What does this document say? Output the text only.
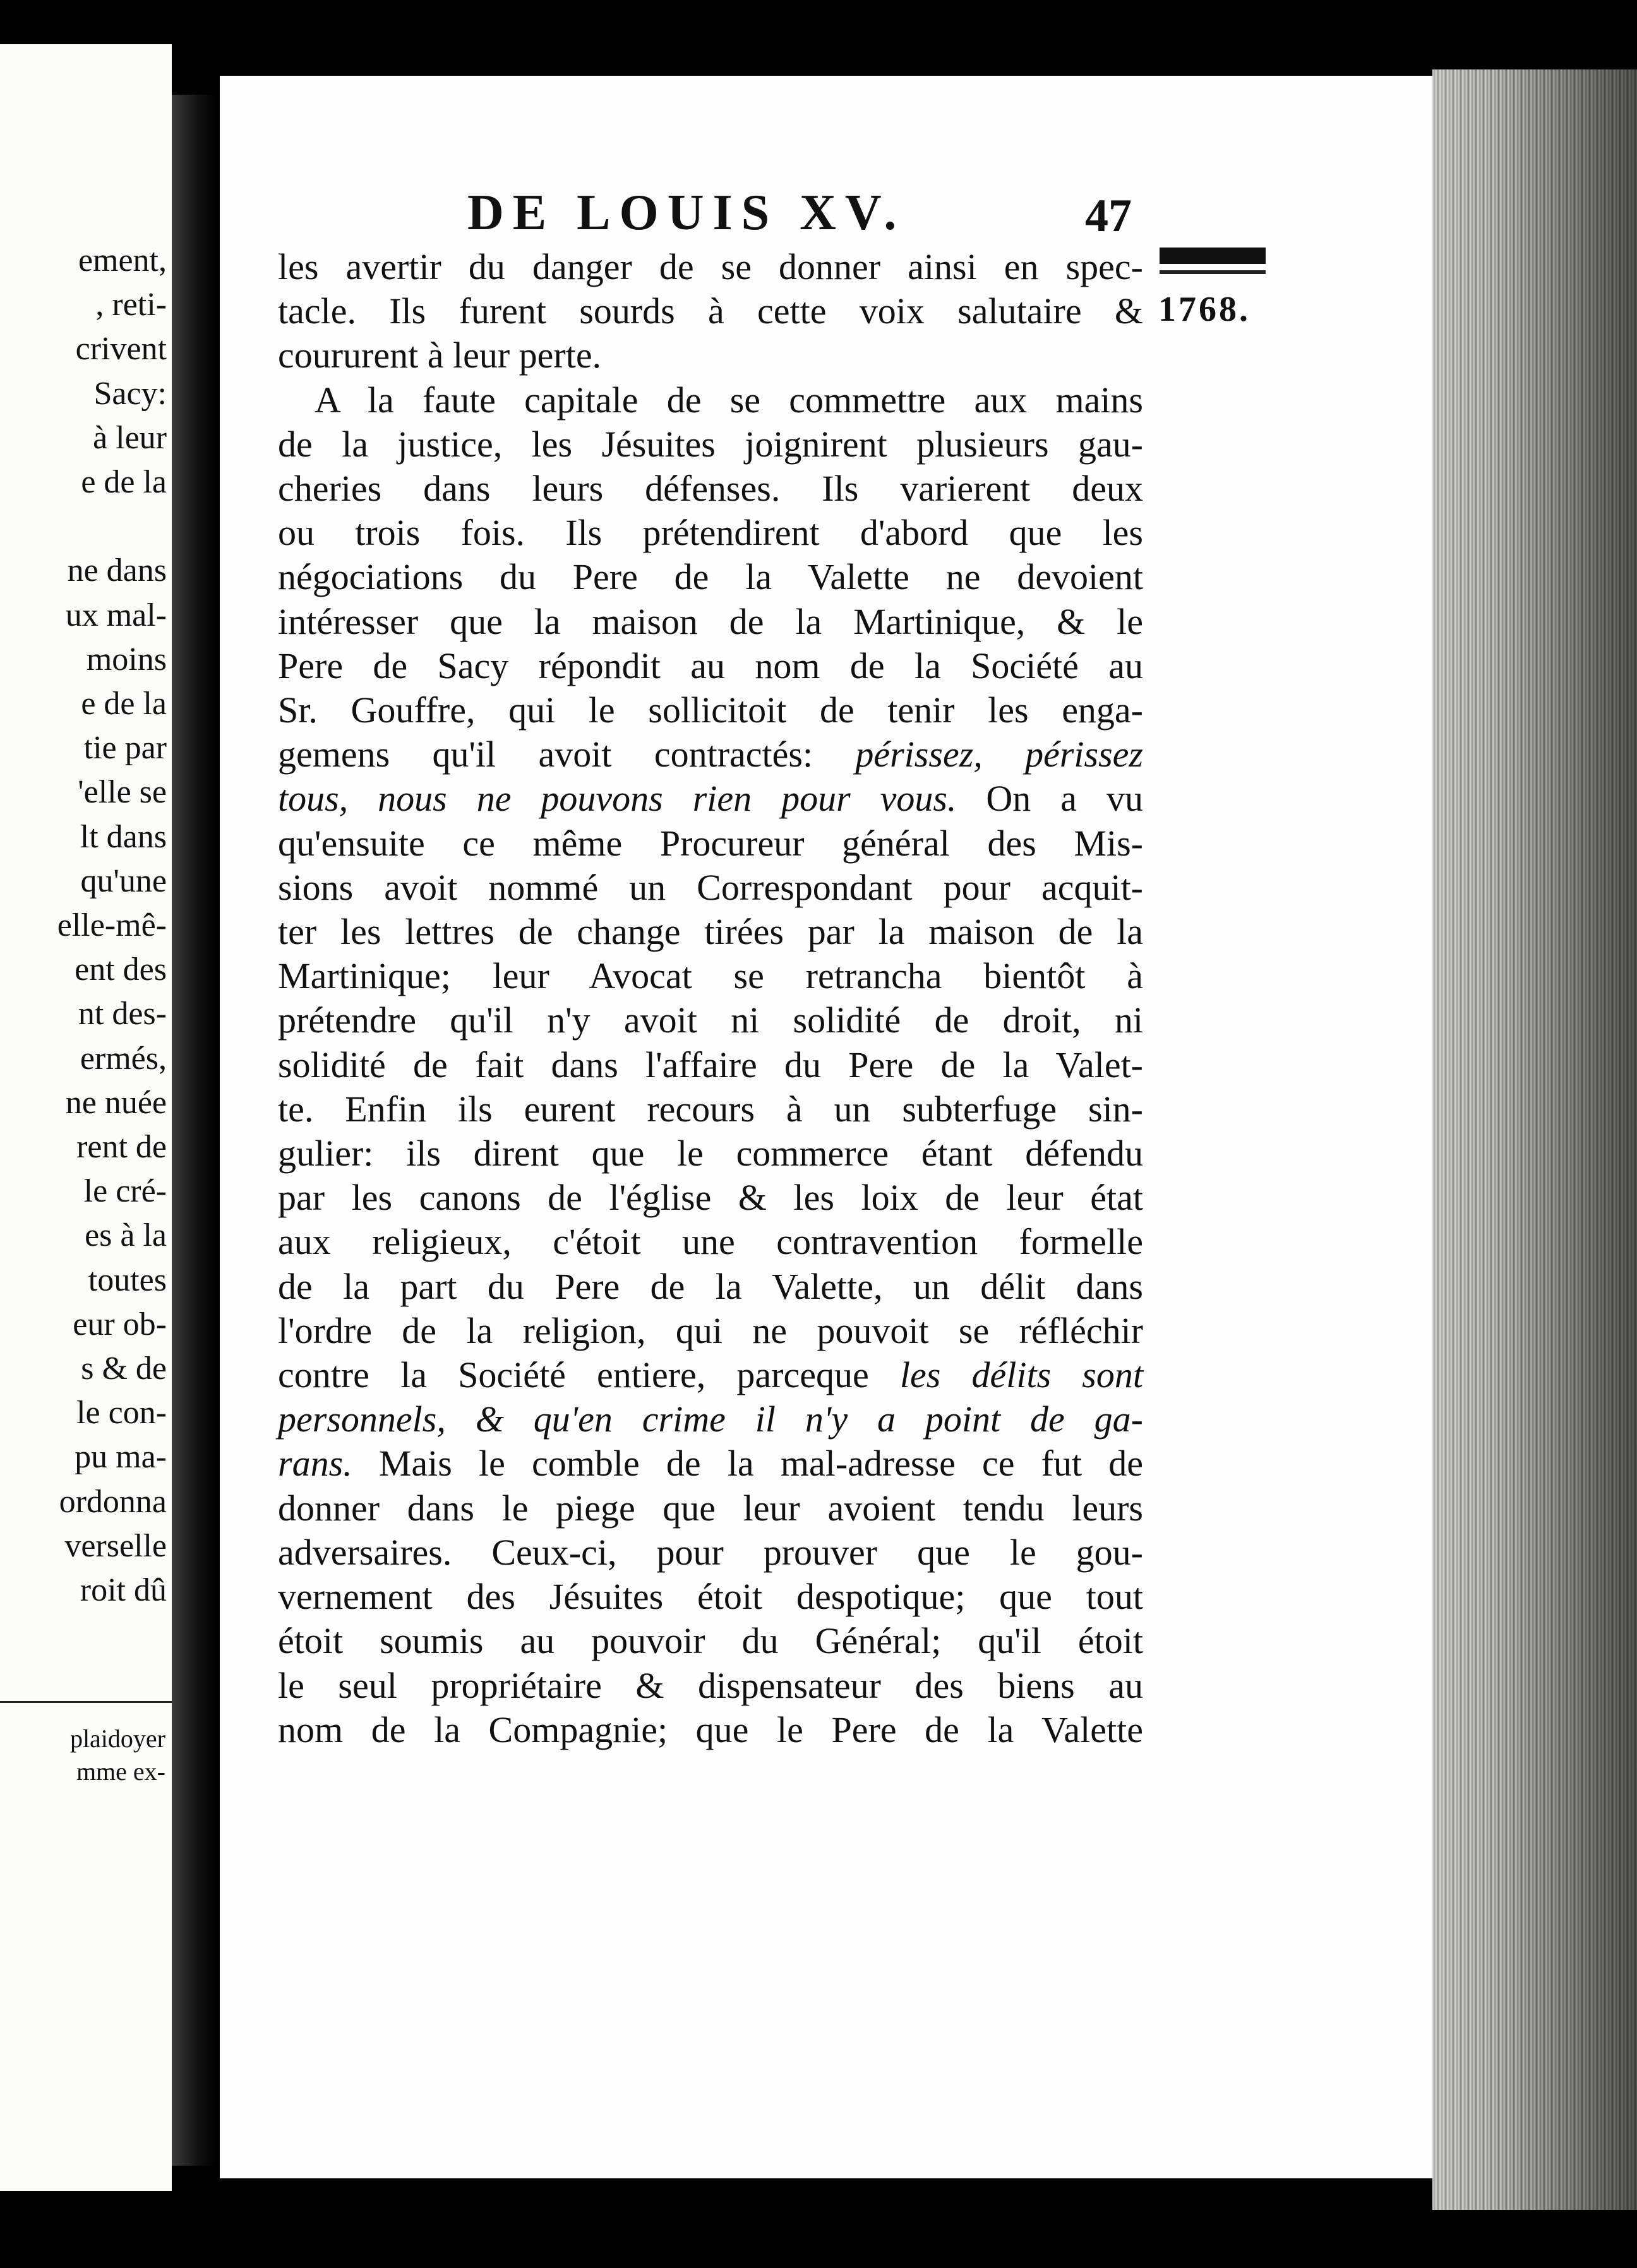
ement,
, reti-
crivent
Sacy:
à leur
e de la

ne dans
ux mal-
moins
e de la
tie par
'elle se
lt dans
qu'une
elle-mê-
ent des
nt des-
ermés,
ne nuée
rent de
le cré-
es à la
toutes
eur ob-
s & de
le con-
pu ma-
ordonna
verselle
roit dû
plaidoyer
mme ex-
DE LOUIS XV.	47
1768.
les avertir du danger de se donner ainsi en spec-
tacle. Ils furent sourds à cette voix salutaire &
coururent à leur perte.
A la faute capitale de se commettre aux mains
de la justice, les Jésuites joignirent plusieurs gau-
cheries dans leurs défenses. Ils varierent deux
ou trois fois. Ils prétendirent d'abord que les
négociations du Pere de la Valette ne devoient
intéresser que la maison de la Martinique, & le
Pere de Sacy répondit au nom de la Société au
Sr. Gouffre, qui le sollicitoit de tenir les enga-
gemens qu'il avoit contractés: périssez, périssez
tous, nous ne pouvons rien pour vous. On a vu
qu'ensuite ce même Procureur général des Mis-
sions avoit nommé un Correspondant pour acquit-
ter les lettres de change tirées par la maison de la
Martinique; leur Avocat se retrancha bientôt à
prétendre qu'il n'y avoit ni solidité de droit, ni
solidité de fait dans l'affaire du Pere de la Valet-
te. Enfin ils eurent recours à un subterfuge sin-
gulier: ils dirent que le commerce étant défendu
par les canons de l'église & les loix de leur état
aux religieux, c'étoit une contravention formelle
de la part du Pere de la Valette, un délit dans
l'ordre de la religion, qui ne pouvoit se réfléchir
contre la Société entiere, parceque les délits sont
personnels, & qu'en crime il n'y a point de ga-
rans. Mais le comble de la mal-adresse ce fut de
donner dans le piege que leur avoient tendu leurs
adversaires. Ceux-ci, pour prouver que le gou-
vernement des Jésuites étoit despotique; que tout
étoit soumis au pouvoir du Général; qu'il étoit
le seul propriétaire & dispensateur des biens au
nom de la Compagnie; que le Pere de la Valette
